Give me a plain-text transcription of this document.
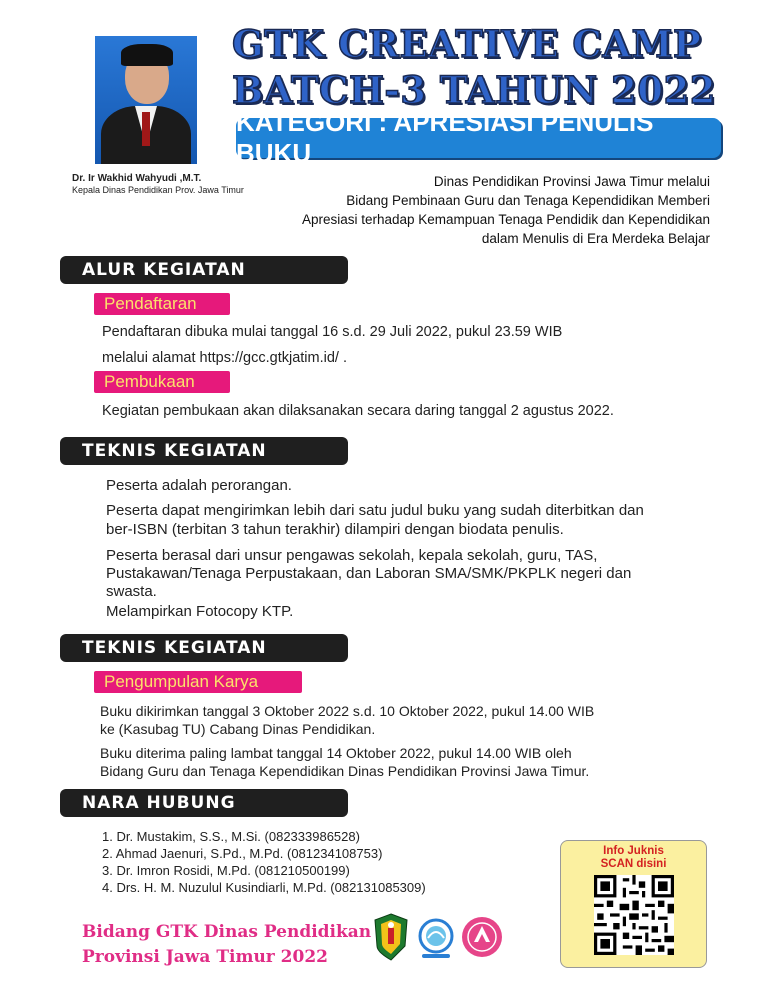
Dr. Ir Wakhid Wahyudi ,M.T.
Kepala Dinas Pendidikan Prov. Jawa Timur
GTK CREATIVE CAMP
BATCH-3 TAHUN 2022
KATEGORI : APRESIASI PENULIS BUKU
Dinas Pendidikan Provinsi Jawa Timur melalui
Bidang Pembinaan Guru dan Tenaga Kependidikan Memberi
Apresiasi terhadap Kemampuan Tenaga Pendidik dan Kependidikan
dalam Menulis di Era Merdeka Belajar
ALUR KEGIATAN
Pendaftaran
Pendaftaran dibuka mulai tanggal 16 s.d. 29 Juli 2022, pukul 23.59 WIB
melalui alamat https://gcc.gtkjatim.id/ .
Pembukaan
Kegiatan pembukaan akan dilaksanakan secara daring tanggal 2 agustus 2022.
TEKNIS KEGIATAN
Peserta adalah perorangan.
Peserta dapat mengirimkan lebih dari satu judul buku yang sudah diterbitkan dan
ber-ISBN (terbitan 3 tahun terakhir) dilampiri dengan biodata penulis.
Peserta berasal dari unsur pengawas sekolah, kepala sekolah, guru, TAS,
Pustakawan/Tenaga Perpustakaan, dan Laboran SMA/SMK/PKPLK negeri dan
swasta.
Melampirkan Fotocopy KTP.
TEKNIS KEGIATAN
Pengumpulan Karya
Buku dikirimkan tanggal 3 Oktober 2022 s.d. 10 Oktober 2022, pukul 14.00 WIB
ke (Kasubag TU) Cabang Dinas Pendidikan.
Buku diterima paling lambat tanggal 14 Oktober 2022, pukul 14.00 WIB oleh
Bidang Guru dan Tenaga Kependidikan Dinas Pendidikan Provinsi Jawa Timur.
NARA HUBUNG
1. Dr. Mustakim, S.S., M.Si. (082333986528)
2. Ahmad Jaenuri, S.Pd., M.Pd. (081234108753)
3. Dr. Imron Rosidi, M.Pd. (081210500199)
4. Drs. H. M. Nuzulul Kusindiarli, M.Pd. (082131085309)
Info Juknis
SCAN disini
Bidang GTK Dinas Pendidikan
Provinsi Jawa Timur 2022
